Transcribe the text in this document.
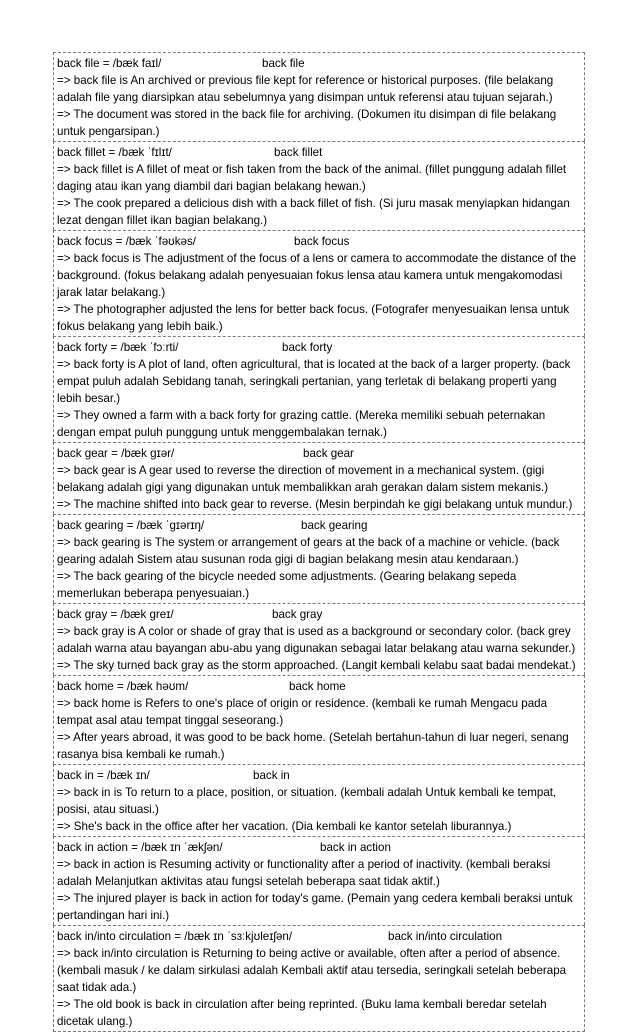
back file = /bæk faɪl/	back file
=> back file is An archived or previous file kept for reference or historical purposes. (file belakang adalah file yang diarsipkan atau sebelumnya yang disimpan untuk referensi atau tujuan sejarah.)
=> The document was stored in the back file for archiving. (Dokumen itu disimpan di file belakang untuk pengarsipan.)
back fillet = /bæk ˈfɪlɪt/	back fillet
=> back fillet is A fillet of meat or fish taken from the back of the animal. (fillet punggung adalah fillet daging atau ikan yang diambil dari bagian belakang hewan.)
=> The cook prepared a delicious dish with a back fillet of fish. (Si juru masak menyiapkan hidangan lezat dengan fillet ikan bagian belakang.)
back focus = /bæk ˈfəʊkəs/	back focus
=> back focus is The adjustment of the focus of a lens or camera to accommodate the distance of the background. (fokus belakang adalah penyesuaian fokus lensa atau kamera untuk mengakomodasi jarak latar belakang.)
=> The photographer adjusted the lens for better back focus. (Fotografer menyesuaikan lensa untuk fokus belakang yang lebih baik.)
back forty = /bæk ˈfɔːrti/	back forty
=> back forty is A plot of land, often agricultural, that is located at the back of a larger property. (back empat puluh adalah Sebidang tanah, seringkali pertanian, yang terletak di belakang properti yang lebih besar.)
=> They owned a farm with a back forty for grazing cattle. (Mereka memiliki sebuah peternakan dengan empat puluh punggung untuk menggembalakan ternak.)
back gear = /bæk ɡɪər/	back gear
=> back gear is A gear used to reverse the direction of movement in a mechanical system. (gigi belakang adalah gigi yang digunakan untuk membalikkan arah gerakan dalam sistem mekanis.)
=> The machine shifted into back gear to reverse. (Mesin berpindah ke gigi belakang untuk mundur.)
back gearing = /bæk ˈɡɪərɪŋ/	back gearing
=> back gearing is The system or arrangement of gears at the back of a machine or vehicle. (back gearing adalah Sistem atau susunan roda gigi di bagian belakang mesin atau kendaraan.)
=> The back gearing of the bicycle needed some adjustments. (Gearing belakang sepeda memerlukan beberapa penyesuaian.)
back gray = /bæk ɡreɪ/	back gray
=> back gray is A color or shade of gray that is used as a background or secondary color. (back grey adalah warna atau bayangan abu-abu yang digunakan sebagai latar belakang atau warna sekunder.)
=> The sky turned back gray as the storm approached. (Langit kembali kelabu saat badai mendekat.)
back home = /bæk həʊm/	back home
=> back home is Refers to one's place of origin or residence. (kembali ke rumah Mengacu pada tempat asal atau tempat tinggal seseorang.)
=> After years abroad, it was good to be back home. (Setelah bertahun-tahun di luar negeri, senang rasanya bisa kembali ke rumah.)
back in = /bæk ɪn/	back in
=> back in is To return to a place, position, or situation. (kembali adalah Untuk kembali ke tempat, posisi, atau situasi.)
=> She's back in the office after her vacation. (Dia kembali ke kantor setelah liburannya.)
back in action = /bæk ɪn ˈækʃən/	back in action
=> back in action is Resuming activity or functionality after a period of inactivity. (kembali beraksi adalah Melanjutkan aktivitas atau fungsi setelah beberapa saat tidak aktif.)
=> The injured player is back in action for today's game. (Pemain yang cedera kembali beraksi untuk pertandingan hari ini.)
back in/into circulation = /bæk ɪn ˈsɜːkjʊleɪʃən/	back in/into circulation
=> back in/into circulation is Returning to being active or available, often after a period of absence. (kembali masuk / ke dalam sirkulasi adalah Kembali aktif atau tersedia, seringkali setelah beberapa saat tidak ada.)
=> The old book is back in circulation after being reprinted. (Buku lama kembali beredar setelah dicetak ulang.)
